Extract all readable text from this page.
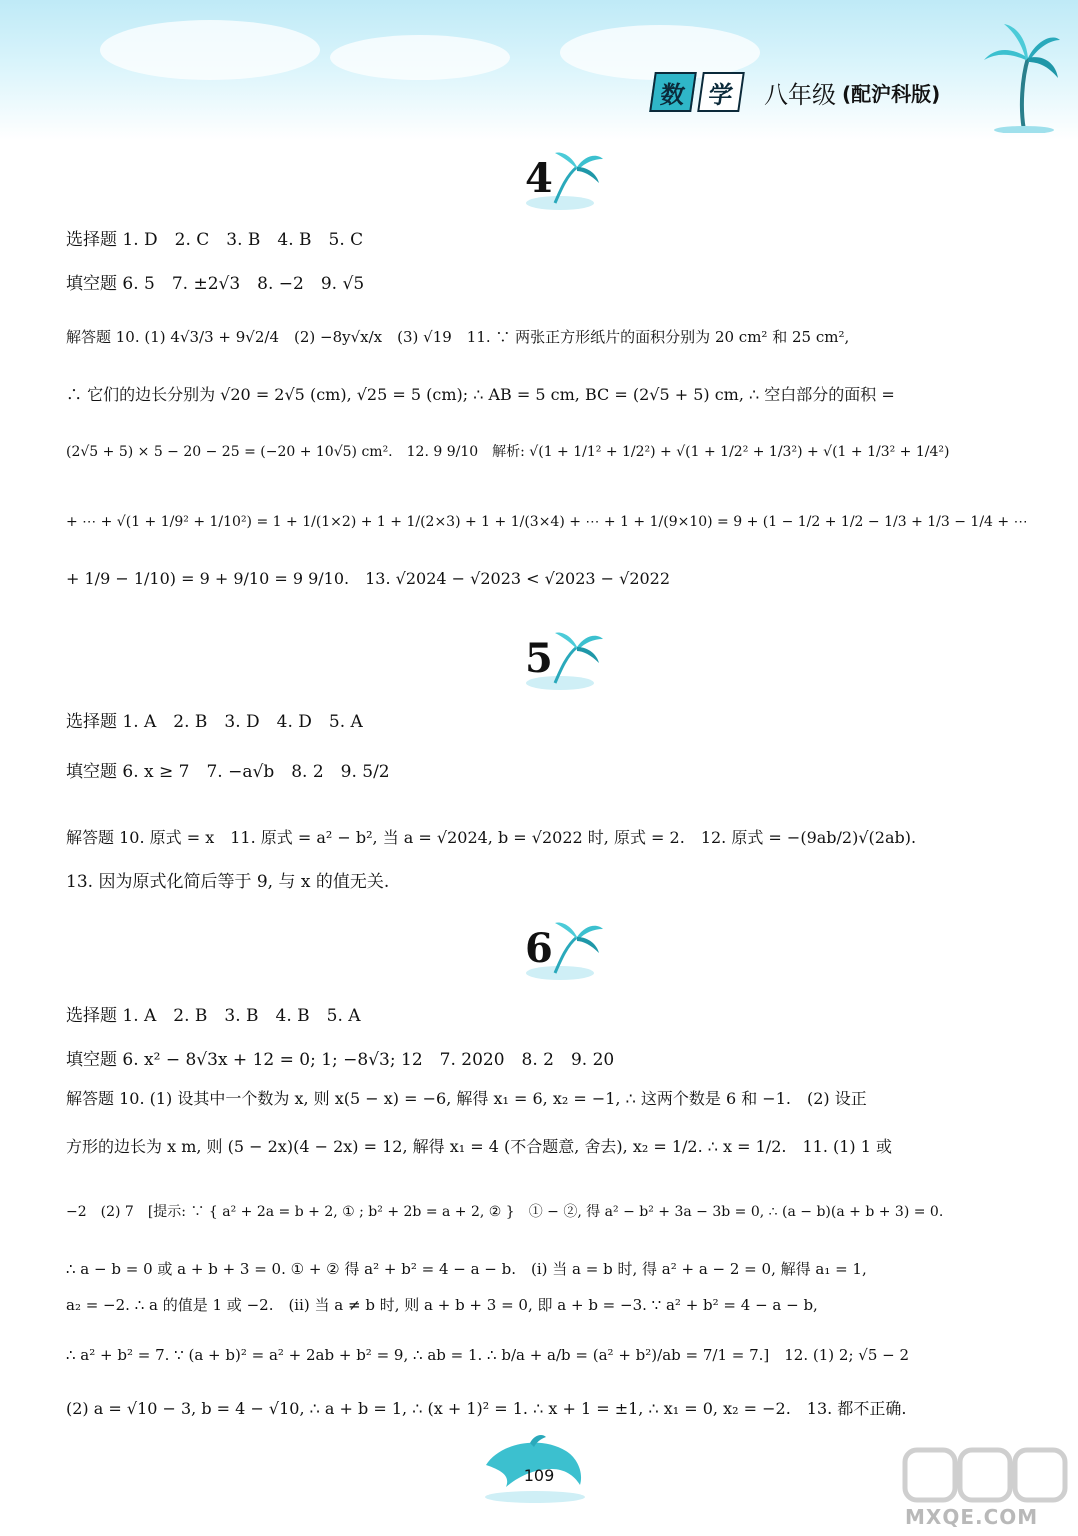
数 学	八年级 (配沪科版)
4
选择题 1. D　2. C　3. B　4. B　5. C
填空题 6. 5　7. ±2√3　8. −2　9. √5
解答题 10. (1) 4√3/3 + 9√2/4　(2) −8y√x/x　(3) √19　11. ∵ 两张正方形纸片的面积分别为 20 cm² 和 25 cm²,
∴ 它们的边长分别为 √20 = 2√5 (cm), √25 = 5 (cm); ∴ AB = 5 cm, BC = (2√5 + 5) cm, ∴ 空白部分的面积 =
(2√5 + 5) × 5 − 20 − 25 = (−20 + 10√5) cm².　12. 9 9/10　解析: √(1 + 1/1² + 1/2²) + √(1 + 1/2² + 1/3²) + √(1 + 1/3² + 1/4²)
+ ⋯ + √(1 + 1/9² + 1/10²) = 1 + 1/(1×2) + 1 + 1/(2×3) + 1 + 1/(3×4) + ⋯ + 1 + 1/(9×10) = 9 + (1 − 1/2 + 1/2 − 1/3 + 1/3 − 1/4 + ⋯
+ 1/9 − 1/10) = 9 + 9/10 = 9 9/10.　13. √2024 − √2023 < √2023 − √2022
5
选择题 1. A　2. B　3. D　4. D　5. A
填空题 6. x ≥ 7　7. −a√b　8. 2　9. 5/2
解答题 10. 原式 = x　11. 原式 = a² − b², 当 a = √2024, b = √2022 时, 原式 = 2.　12. 原式 = −(9ab/2)√(2ab).
13. 因为原式化简后等于 9, 与 x 的值无关.
6
选择题 1. A　2. B　3. B　4. B　5. A
填空题 6. x² − 8√3x + 12 = 0; 1; −8√3; 12　7. 2020　8. 2　9. 20
解答题 10. (1) 设其中一个数为 x, 则 x(5 − x) = −6, 解得 x₁ = 6, x₂ = −1, ∴ 这两个数是 6 和 −1.　(2) 设正
方形的边长为 x m, 则 (5 − 2x)(4 − 2x) = 12, 解得 x₁ = 4 (不合题意, 舍去), x₂ = 1/2. ∴ x = 1/2.　11. (1) 1 或
−2　(2) 7　[提示: ∵ { a² + 2a = b + 2, ① ; b² + 2b = a + 2, ② }　① − ②, 得 a² − b² + 3a − 3b = 0, ∴ (a − b)(a + b + 3) = 0.
∴ a − b = 0 或 a + b + 3 = 0. ① + ② 得 a² + b² = 4 − a − b.　(ⅰ) 当 a = b 时, 得 a² + a − 2 = 0, 解得 a₁ = 1,
a₂ = −2. ∴ a 的值是 1 或 −2.　(ⅱ) 当 a ≠ b 时, 则 a + b + 3 = 0, 即 a + b = −3. ∵ a² + b² = 4 − a − b,
∴ a² + b² = 7. ∵ (a + b)² = a² + 2ab + b² = 9, ∴ ab = 1. ∴ b/a + a/b = (a² + b²)/ab = 7/1 = 7.]　12. (1) 2; √5 − 2
(2) a = √10 − 3, b = 4 − √10, ∴ a + b = 1, ∴ (x + 1)² = 1. ∴ x + 1 = ±1, ∴ x₁ = 0, x₂ = −2.　13. 都不正确.
109
MXQE.COM
